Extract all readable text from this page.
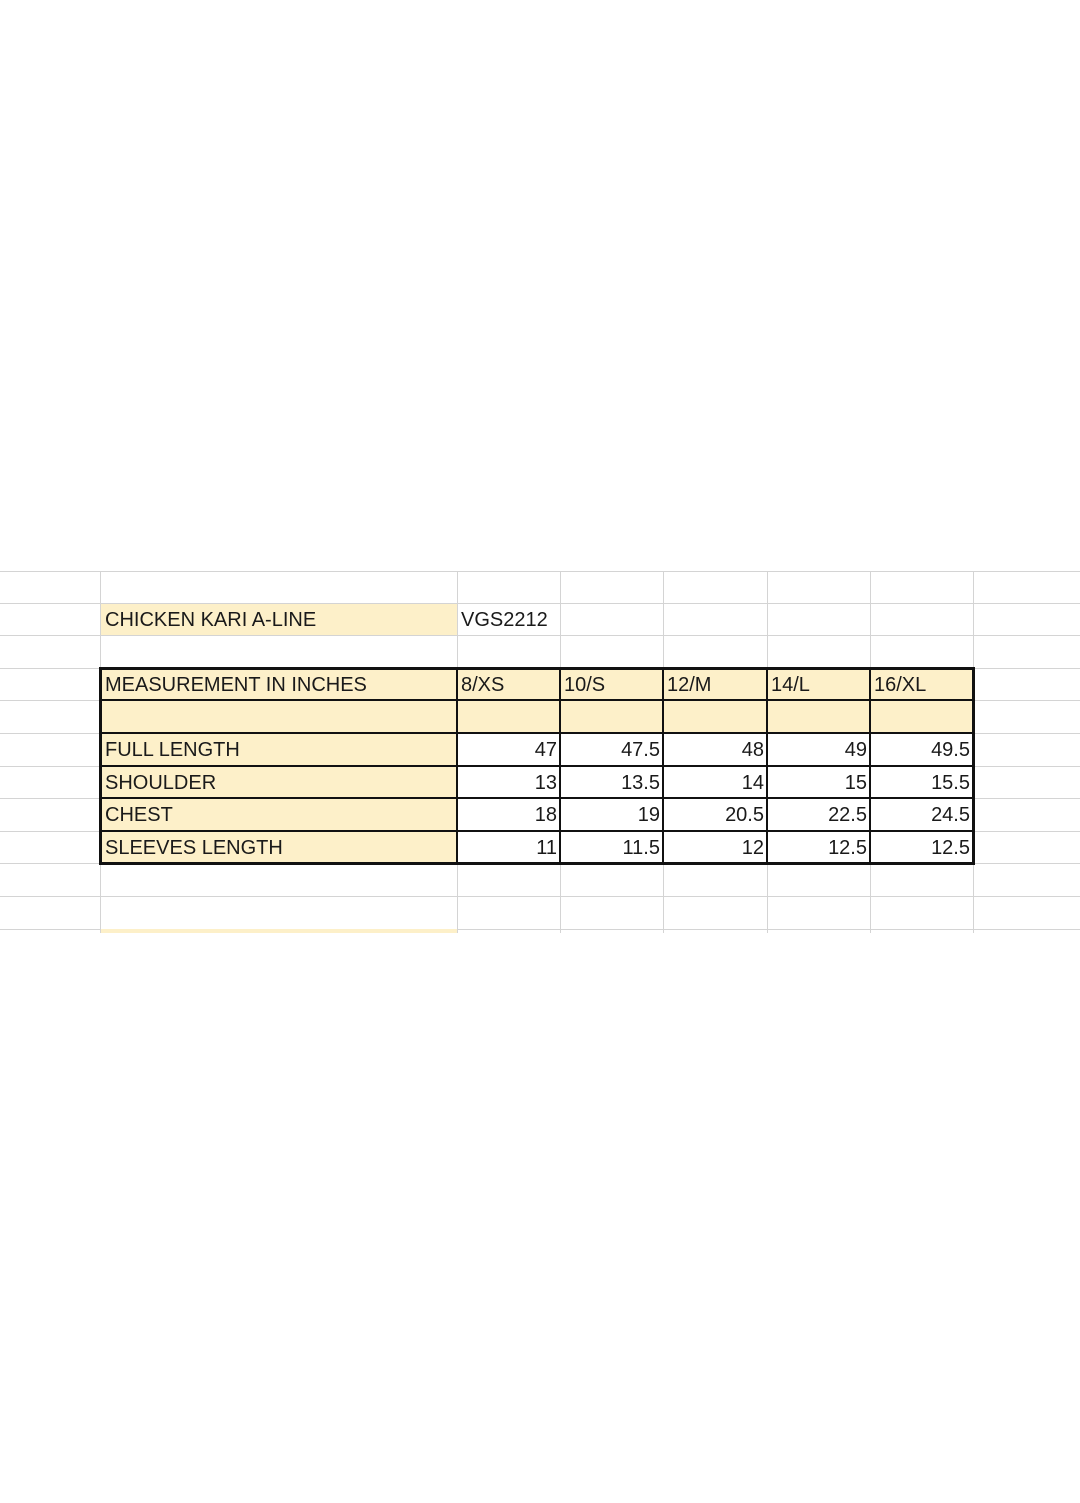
CHICKEN KARI A-LINE	VGS2212
MEASUREMENT IN INCHES	8/XS	10/S	12/M	14/L	16/XL
FULL LENGTH	47	47.5	48	49	49.5
SHOULDER	13	13.5	14	15	15.5
CHEST	18	19	20.5	22.5	24.5
SLEEVES LENGTH	11	11.5	12	12.5	12.5
